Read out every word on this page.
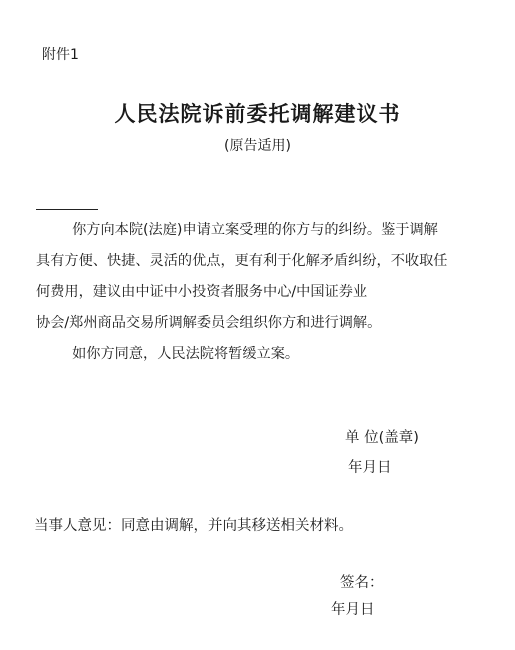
附件1
人民法院诉前委托调解建议书
(原告适用)
你方向本院(法庭)申请立案受理的你方与的纠纷。鉴于调解
具有方便、快捷、灵活的优点，更有利于化解矛盾纠纷，不收取任
何费用，建议由中证中小投资者服务中心/中国证券业
协会/郑州商品交易所调解委员会组织你方和进行调解。
如你方同意，人民法院将暂缓立案。
单 位(盖章)
年月日
当事人意见：同意由调解，并向其移送相关材料。
签名：
年月日
